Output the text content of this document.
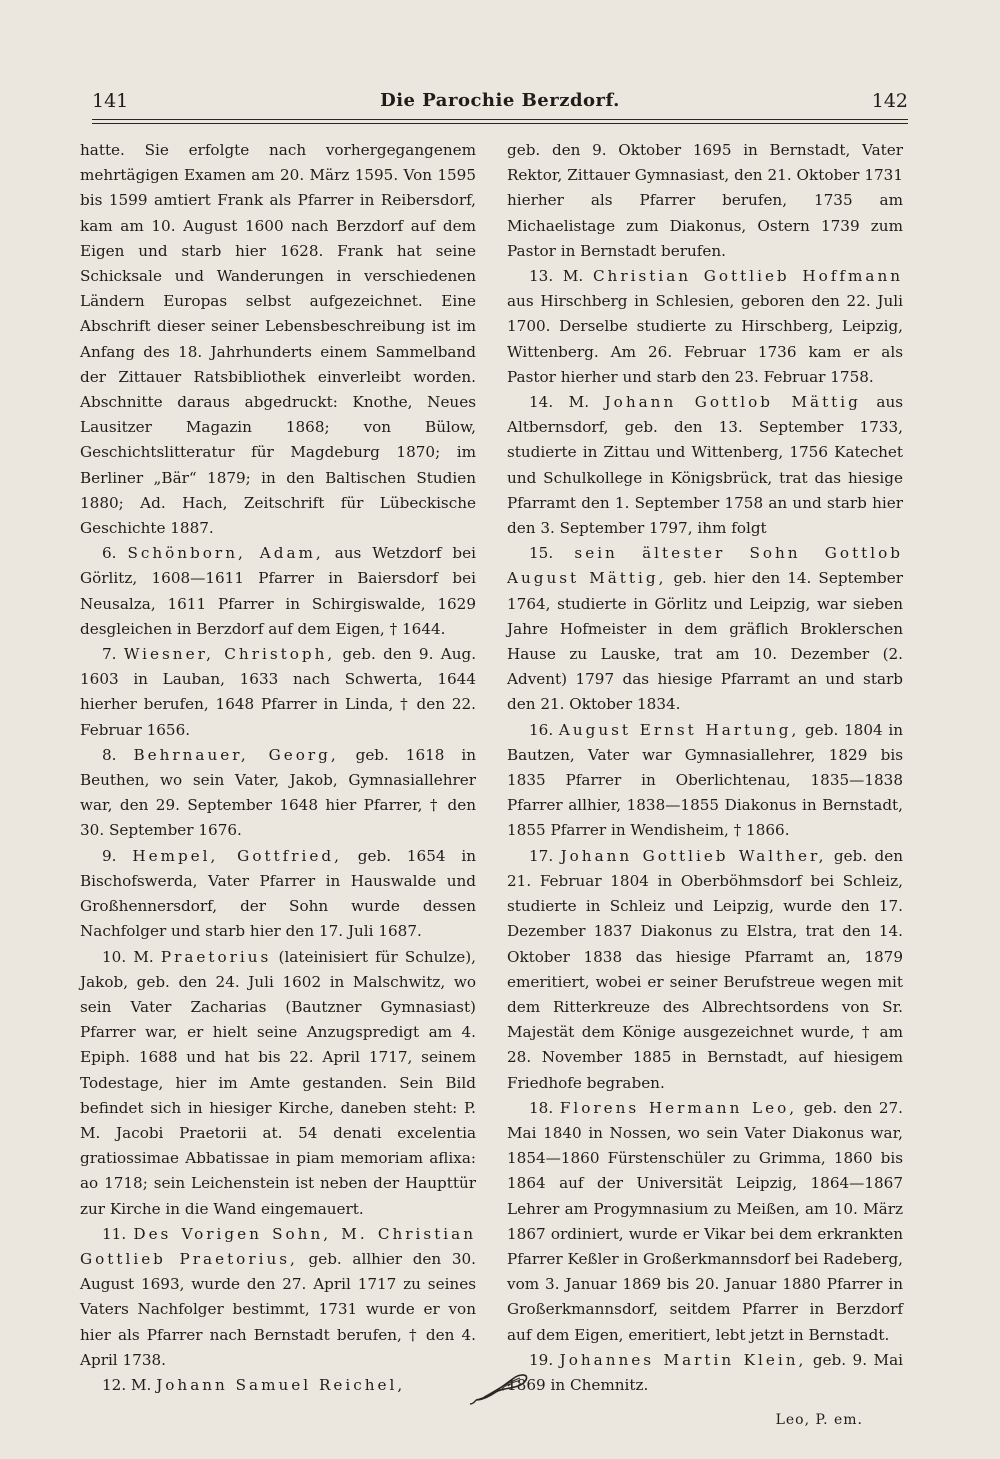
141	Die Parochie Berzdorf.	142

hatte. Sie erfolgte nach vorhergegangenem mehrtägigen Examen am 20. März 1595. Von 1595 bis 1599 amtiert Frank als Pfarrer in Reibersdorf, kam am 10. August 1600 nach Berzdorf auf dem Eigen und starb hier 1628. Frank hat seine Schicksale und Wanderungen in verschiedenen Ländern Europas selbst aufgezeichnet. Eine Abschrift dieser seiner Lebensbeschreibung ist im Anfang des 18. Jahrhunderts einem Sammelband der Zittauer Ratsbibliothek einverleibt worden. Abschnitte daraus abgedruckt: Knothe, Neues Lausitzer Magazin 1868; von Bülow, Geschichtslitteratur für Magdeburg 1870; im Berliner „Bär“ 1879; in den Baltischen Studien 1880; Ad. Hach, Zeitschrift für Lübeckische Geschichte 1887.

6. Schönborn, Adam, aus Wetzdorf bei Görlitz, 1608—1611 Pfarrer in Baiersdorf bei Neusalza, 1611 Pfarrer in Schirgiswalde, 1629 desgleichen in Berzdorf auf dem Eigen, † 1644.

7. Wiesner, Christoph, geb. den 9. Aug. 1603 in Lauban, 1633 nach Schwerta, 1644 hierher berufen, 1648 Pfarrer in Linda, † den 22. Februar 1656.

8. Behrnauer, Georg, geb. 1618 in Beuthen, wo sein Vater, Jakob, Gymnasiallehrer war, den 29. September 1648 hier Pfarrer, † den 30. September 1676.

9. Hempel, Gottfried, geb. 1654 in Bischofswerda, Vater Pfarrer in Hauswalde und Großhennersdorf, der Sohn wurde dessen Nachfolger und starb hier den 17. Juli 1687.

10. M. Praetorius (lateinisiert für Schulze), Jakob, geb. den 24. Juli 1602 in Malschwitz, wo sein Vater Zacharias (Bautzner Gymnasiast) Pfarrer war, er hielt seine Anzugspredigt am 4. Epiph. 1688 und hat bis 22. April 1717, seinem Todestage, hier im Amte gestanden. Sein Bild befindet sich in hiesiger Kirche, daneben steht: P. M. Jacobi Praetorii at. 54 denati excelentia gratiossimae Abbatissae in piam memoriam aflixa: ao 1718; sein Leichenstein ist neben der Haupttür zur Kirche in die Wand eingemauert.

11. Des Vorigen Sohn, M. Christian Gottlieb Praetorius, geb. allhier den 30. August 1693, wurde den 27. April 1717 zu seines Vaters Nachfolger bestimmt, 1731 wurde er von hier als Pfarrer nach Bernstadt berufen, † den 4. April 1738.

12. M. Johann Samuel Reichel,

geb. den 9. Oktober 1695 in Bernstadt, Vater Rektor, Zittauer Gymnasiast, den 21. Oktober 1731 hierher als Pfarrer berufen, 1735 am Michaelistage zum Diakonus, Ostern 1739 zum Pastor in Bernstadt berufen.

13. M. Christian Gottlieb Hoffmann aus Hirschberg in Schlesien, geboren den 22. Juli 1700. Derselbe studierte zu Hirschberg, Leipzig, Wittenberg. Am 26. Februar 1736 kam er als Pastor hierher und starb den 23. Februar 1758.

14. M. Johann Gottlob Mättig aus Altbernsdorf, geb. den 13. September 1733, studierte in Zittau und Wittenberg, 1756 Katechet und Schulkollege in Königsbrück, trat das hiesige Pfarramt den 1. September 1758 an und starb hier den 3. September 1797, ihm folgt

15. sein ältester Sohn Gottlob August Mättig, geb. hier den 14. September 1764, studierte in Görlitz und Leipzig, war sieben Jahre Hofmeister in dem gräflich Broklerschen Hause zu Lauske, trat am 10. Dezember (2. Advent) 1797 das hiesige Pfarramt an und starb den 21. Oktober 1834.

16. August Ernst Hartung, geb. 1804 in Bautzen, Vater war Gymnasiallehrer, 1829 bis 1835 Pfarrer in Oberlichtenau, 1835—1838 Pfarrer allhier, 1838—1855 Diakonus in Bernstadt, 1855 Pfarrer in Wendisheim, † 1866.

17. Johann Gottlieb Walther, geb. den 21. Februar 1804 in Oberböhmsdorf bei Schleiz, studierte in Schleiz und Leipzig, wurde den 17. Dezember 1837 Diakonus zu Elstra, trat den 14. Oktober 1838 das hiesige Pfarramt an, 1879 emeritiert, wobei er seiner Berufstreue wegen mit dem Ritterkreuze des Albrechtsordens von Sr. Majestät dem Könige ausgezeichnet wurde, † am 28. November 1885 in Bernstadt, auf hiesigem Friedhofe begraben.

18. Florens Hermann Leo, geb. den 27. Mai 1840 in Nossen, wo sein Vater Diakonus war, 1854—1860 Fürstenschüler zu Grimma, 1860 bis 1864 auf der Universität Leipzig, 1864—1867 Lehrer am Progymnasium zu Meißen, am 10. März 1867 ordiniert, wurde er Vikar bei dem erkrankten Pfarrer Keßler in Großerkmannsdorf bei Radeberg, vom 3. Januar 1869 bis 20. Januar 1880 Pfarrer in Großerkmannsdorf, seitdem Pfarrer in Berzdorf auf dem Eigen, emeritiert, lebt jetzt in Bernstadt.

19. Johannes Martin Klein, geb. 9. Mai 1869 in Chemnitz.

Leo, P. em.
